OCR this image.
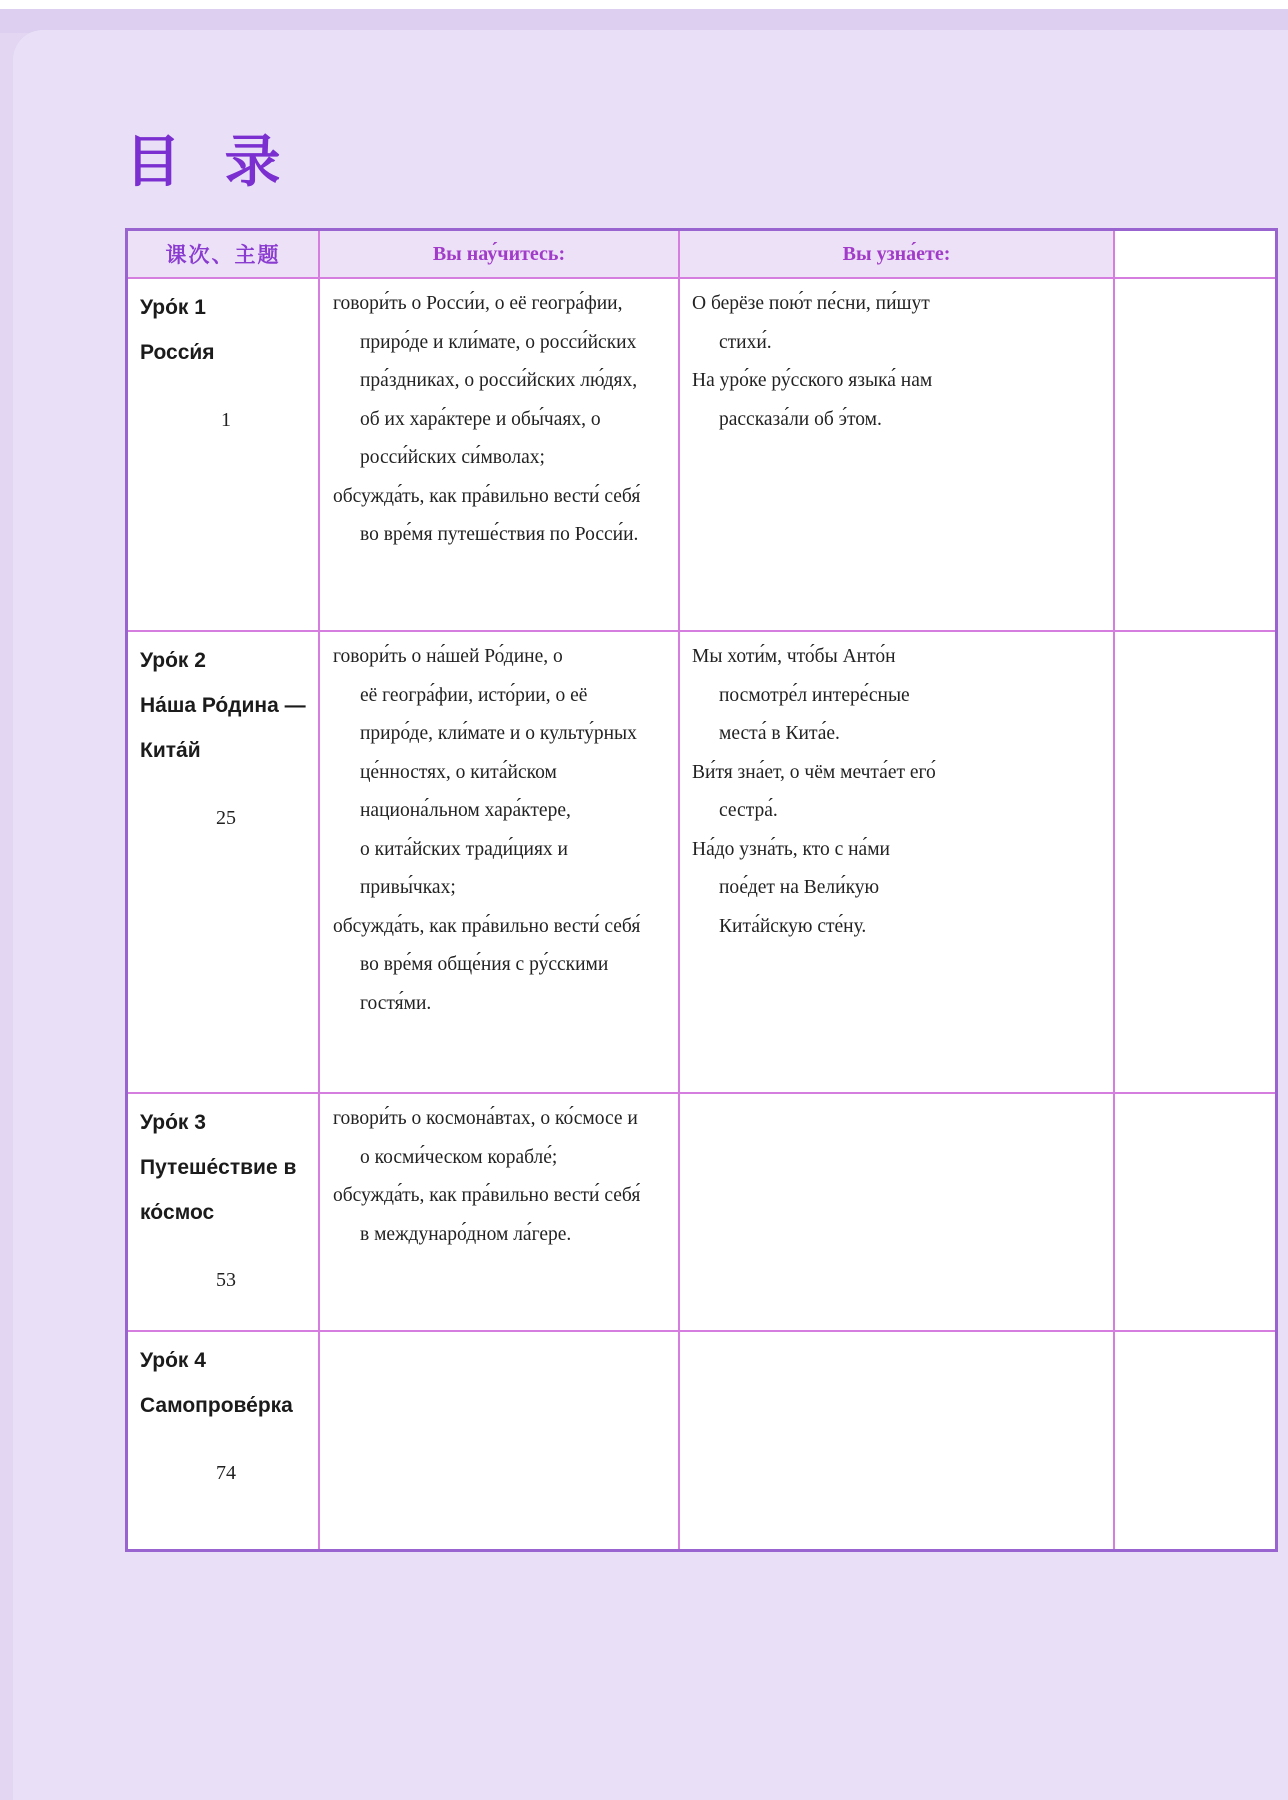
目 录
课次、主题	Вы нау́читесь:	Вы узна́ете:
Уро́к 1
Росси́я
1
говори́ть о Росси́и, о её геогра́фии,
приро́де и кли́мате, о росси́йских
пра́здниках, о росси́йских лю́дях,
об их хара́ктере и обы́чаях, о
росси́йских си́мволах;
обсужда́ть, как пра́вильно вести́ себя́
во вре́мя путеше́ствия по Росси́и.
О берёзе пою́т пе́сни, пи́шут
стихи́.
На уро́ке ру́сского языка́ нам
рассказа́ли об э́том.
Уро́к 2
На́ша Ро́дина —
Кита́й
25
говори́ть о на́шей Ро́дине, о
её геогра́фии, исто́рии, о её
приро́де, кли́мате и о культу́рных
це́нностях, о кита́йском
национа́льном хара́ктере,
о кита́йских тради́циях и
привы́чках;
обсужда́ть, как пра́вильно вести́ себя́
во вре́мя обще́ния с ру́сскими
гостя́ми.
Мы хоти́м, что́бы Анто́н
посмотре́л интере́сные
места́ в Кита́е.
Ви́тя зна́ет, о чём мечта́ет его́
сестра́.
На́до узна́ть, кто с на́ми
пое́дет на Вели́кую
Кита́йскую сте́ну.
Уро́к 3
Путеше́ствие в
ко́смос
53
говори́ть о космона́втах, о ко́смосе и
о косми́ческом корабле́;
обсужда́ть, как пра́вильно вести́ себя́
в междунаро́дном ла́гере.
Уро́к 4
Самопрове́рка
74
